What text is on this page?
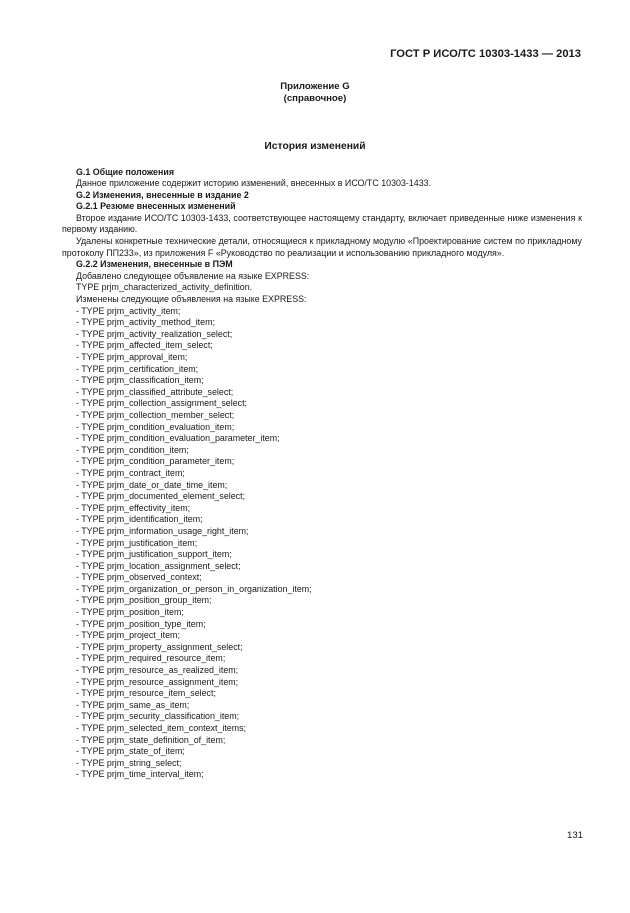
ГОСТ Р ИСО/ТС 10303-1433 — 2013
Приложение G
(справочное)
История изменений

G.1 Общие положения

Данное приложение содержит историю изменений, внесенных в ИСО/ТС 10303-1433.

G.2 Изменения, внесенные в издание 2

G.2.1 Резюме внесенных изменений

Второе издание ИСО/ТС 10303-1433, соответствующее настоящему стандарту, включает приведенные ниже изменения к первому изданию.

Удалены конкретные технические детали, относящиеся к прикладному модулю «Проектирование систем по прикладному протоколу ПП233», из приложения F «Руководство по реализации и использованию прикладного модуля».

G.2.2 Изменения, внесенные в ПЭМ

Добавлено следующее объявление на языке EXPRESS:

TYPE prjm_characterized_activity_definition.

Изменены следующие объявления на языке EXPRESS:

- TYPE prjm_activity_item;
- TYPE prjm_activity_method_item;
- TYPE prjm_activity_realization_select;
- TYPE prjm_affected_item_select;
- TYPE prjm_approval_item;
- TYPE prjm_certification_item;
- TYPE prjm_classification_item;
- TYPE prjm_classified_attribute_select;
- TYPE prjm_collection_assignment_select;
- TYPE prjm_collection_member_select;
- TYPE prjm_condition_evaluation_item;
- TYPE prjm_condition_evaluation_parameter_item;
- TYPE prjm_condition_item;
- TYPE prjm_condition_parameter_item;
- TYPE prjm_contract_item;
- TYPE prjm_date_or_date_time_item;
- TYPE prjm_documented_element_select;
- TYPE prjm_effectivity_item;
- TYPE prjm_identification_item;
- TYPE prjm_information_usage_right_item;
- TYPE prjm_justification_item;
- TYPE prjm_justification_support_item;
- TYPE prjm_location_assignment_select;
- TYPE prjm_observed_context;
- TYPE prjm_organization_or_person_in_organization_item;
- TYPE prjm_position_group_item;
- TYPE prjm_position_item;
- TYPE prjm_position_type_item;
- TYPE prjm_project_item;
- TYPE prjm_property_assignment_select;
- TYPE prjm_required_resource_item;
- TYPE prjm_resource_as_realized_item;
- TYPE prjm_resource_assignment_item;
- TYPE prjm_resource_item_select;
- TYPE prjm_same_as_item;
- TYPE prjm_security_classification_item;
- TYPE prjm_selected_item_context_items;
- TYPE prjm_state_definition_of_item;
- TYPE prjm_state_of_item;
- TYPE prjm_string_select;
- TYPE prjm_time_interval_item;
131
